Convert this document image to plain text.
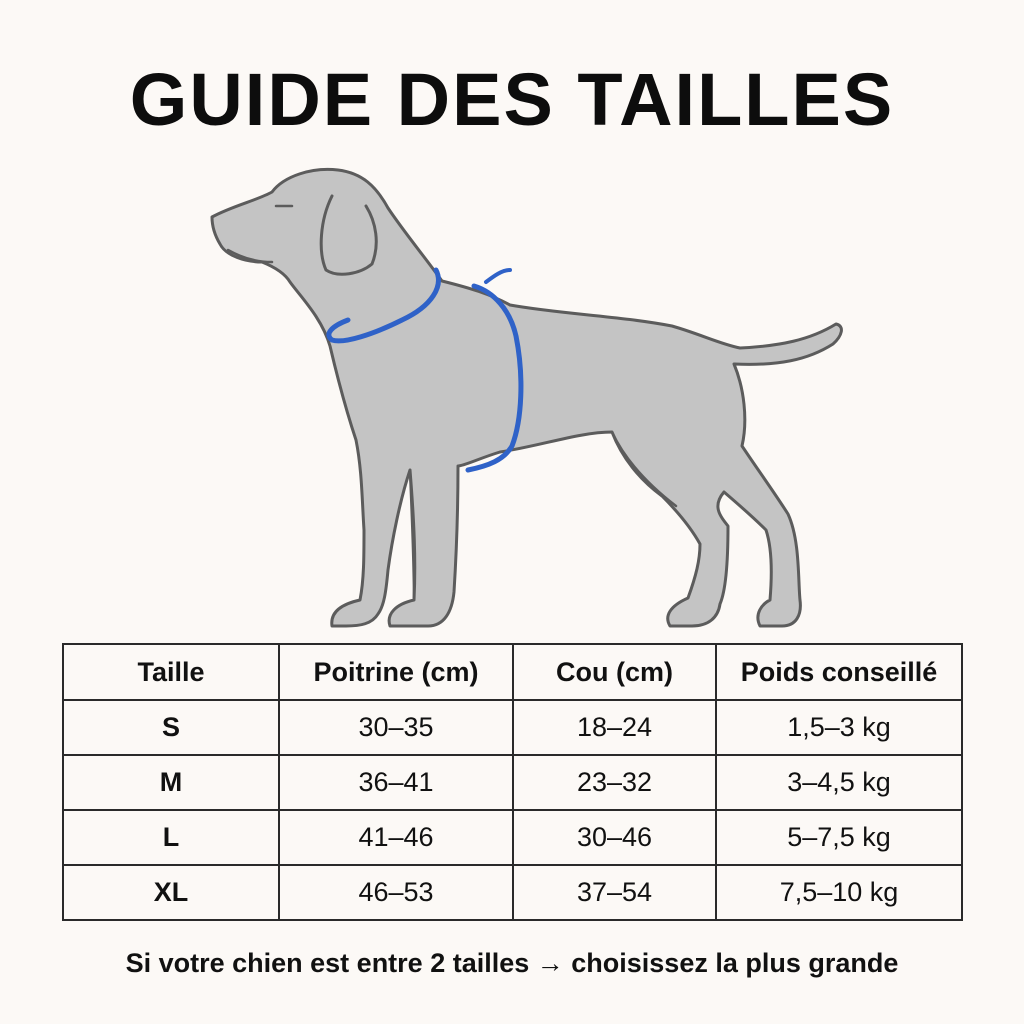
GUIDE DES TAILLES
Taille	Poitrine (cm)	Cou (cm)	Poids conseillé
S	30–35	18–24	1,5–3 kg
M	36–41	23–32	3–4,5 kg
L	41–46	30–46	5–7,5 kg
XL	46–53	37–54	7,5–10 kg
Si votre chien est entre 2 tailles → choisissez la plus grande
